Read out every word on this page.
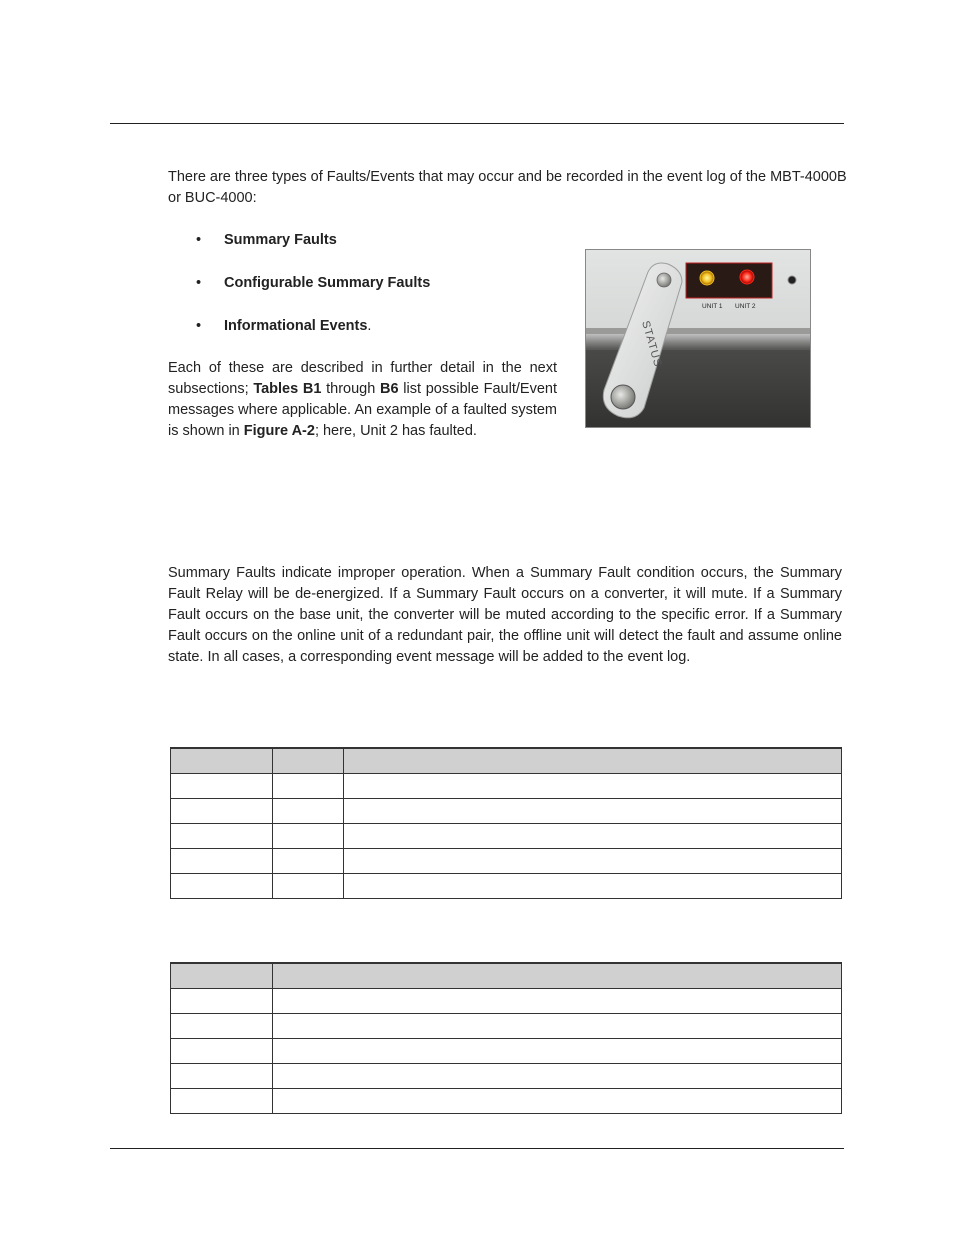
There are three types of Faults/Events that may occur and be recorded in the event log of the MBT-4000B or BUC-4000:

• Summary Faults
• Configurable Summary Faults
• Informational Events.

Each of these are described in further detail in the next subsections; Tables B1 through B6 list possible Fault/Event messages where applicable. An example of a faulted system is shown in Figure A-2; here, Unit 2 has faulted.

UNIT 1 UNIT 2
STATUS

Summary Faults indicate improper operation. When a Summary Fault condition occurs, the Summary Fault Relay will be de-energized. If a Summary Fault occurs on a converter, it will mute. If a Summary Fault occurs on the base unit, the converter will be muted according to the specific error. If a Summary Fault occurs on the online unit of a redundant pair, the offline unit will detect the fault and assume online state. In all cases, a corresponding event message will be added to the event log.
